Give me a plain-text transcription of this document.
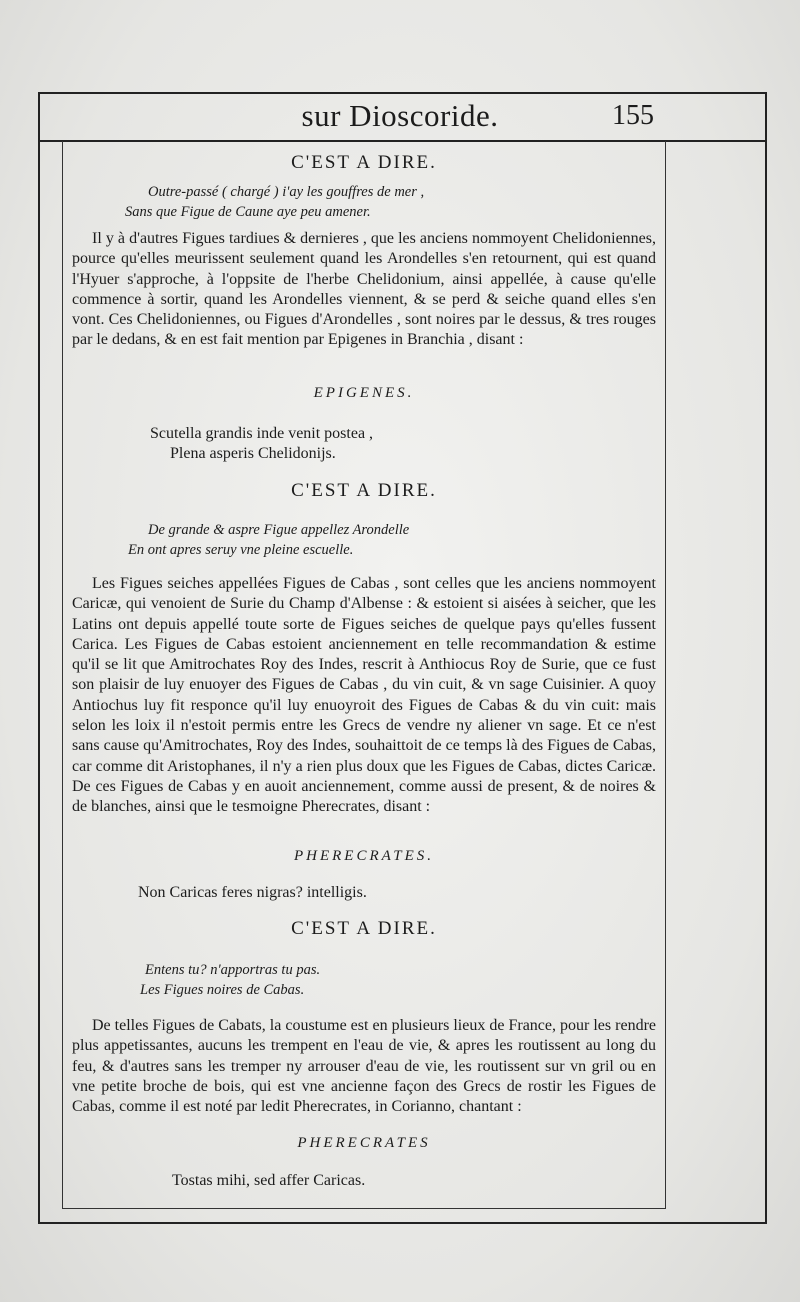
sur Dioscoride.	155
C'EST A DIRE.
Outre-passé ( chargé ) i'ay les gouffres de mer ,
Sans que Figue de Caune aye peu amener.
Il y à d'autres Figues tardiues & dernieres , que les anciens nommoyent Chelidoniennes, pource qu'elles meurissent seulement quand les Arondelles s'en retournent, qui est quand l'Hyuer s'approche, à l'oppsite de l'herbe Chelidonium, ainsi appellée, à cause qu'elle commence à sortir, quand les Arondelles viennent, & se perd & seiche quand elles s'en vont. Ces Chelidoniennes, ou Figues d'Arondelles , sont noires par le dessus, & tres rouges par le dedans, & en est fait mention par Epigenes in Branchia , disant :
EPIGENES.
Scutella grandis inde venit postea ,
Plena asperis Chelidonijs.
C'EST A DIRE.
De grande & aspre Figue appellez Arondelle
En ont apres seruy vne pleine escuelle.
Les Figues seiches appellées Figues de Cabas , sont celles que les anciens nommoyent Caricæ, qui venoient de Surie du Champ d'Albense : & estoient si aisées à seicher, que les Latins ont depuis appellé toute sorte de Figues seiches de quelque pays qu'elles fussent Carica. Les Figues de Cabas estoient anciennement en telle recommandation & estime qu'il se lit que Amitrochates Roy des Indes, rescrit à Anthiocus Roy de Surie, que ce fust son plaisir de luy enuoyer des Figues de Cabas , du vin cuit, & vn sage Cuisinier. A quoy Antiochus luy fit responce qu'il luy enuoyroit des Figues de Cabas & du vin cuit: mais selon les loix il n'estoit permis entre les Grecs de vendre ny aliener vn sage. Et ce n'est sans cause qu'Amitrochates, Roy des Indes, souhaittoit de ce temps là des Figues de Cabas, car comme dit Aristophanes, il n'y a rien plus doux que les Figues de Cabas, dictes Caricæ. De ces Figues de Cabas y en auoit anciennement, comme aussi de present, & de noires & de blanches, ainsi que le tesmoigne Pherecrates, disant :
PHERECRATES.
Non Caricas feres nigras? intelligis.
C'EST A DIRE.
Entens tu? n'apportras tu pas.
Les Figues noires de Cabas.
De telles Figues de Cabats, la coustume est en plusieurs lieux de France, pour les rendre plus appetissantes, aucuns les trempent en l'eau de vie, & apres les routissent au long du feu, & d'autres sans les tremper ny arrouser d'eau de vie, les routissent sur vn gril ou en vne petite broche de bois, qui est vne ancienne façon des Grecs de rostir les Figues de Cabas, comme il est noté par ledit Pherecrates, in Corianno, chantant :
PHERECRATES
Tostas mihi, sed affer Caricas.
